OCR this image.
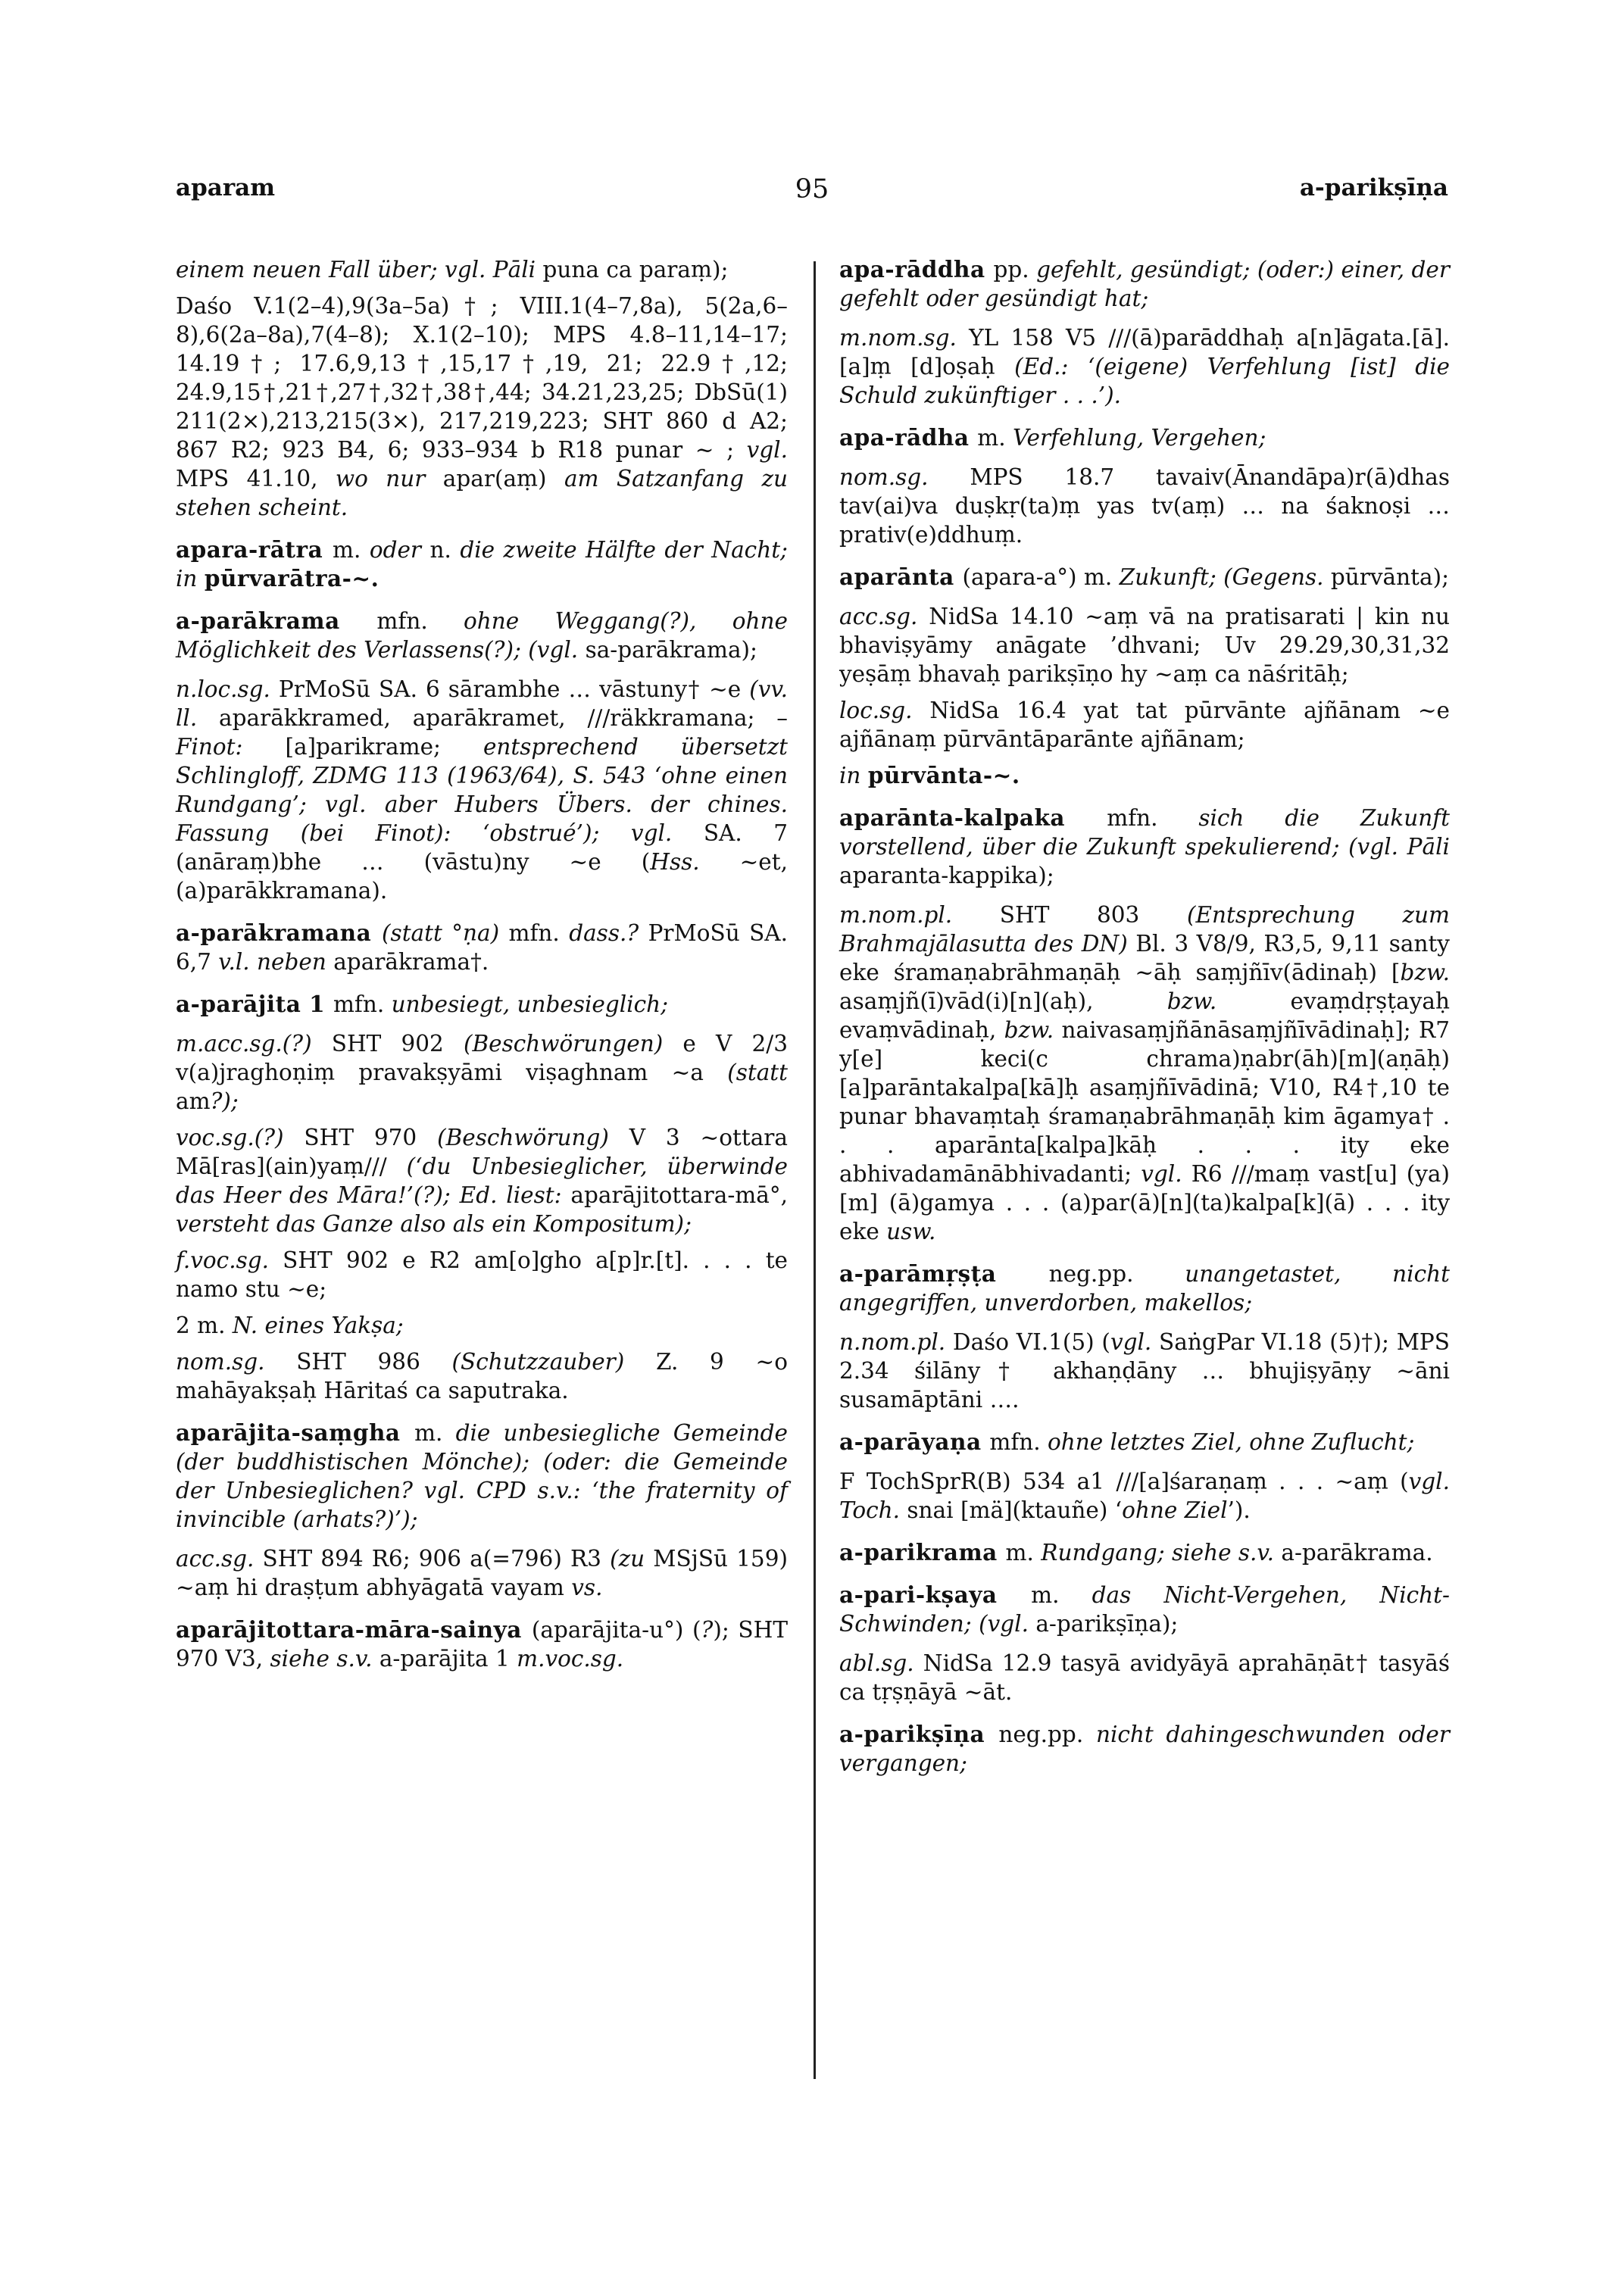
aparam	95	a-parikṣīṇa
einem neuen Fall über; vgl. Pāli puna ca paraṃ);
Daśo V.1(2–4),9(3a–5a)†; VIII.1(4–7,8a), 5(2a,6–8),6(2a–8a),7(4–8); X.1(2–10); MPS 4.8–11,14–17; 14.19†; 17.6,9,13†,15,17†,19, 21; 22.9†,12; 24.9,15†,21†,27†,32†,38†,44; 34.21,23,25; DbSū(1) 211(2×),213,215(3×), 217,219,223; SHT 860 d A2; 867 R2; 923 B4, 6; 933–934 b R18 punar ~ ; vgl. MPS 41.10, wo nur apar(aṃ) am Satzanfang zu stehen scheint.
apara-rātra m. oder n. die zweite Hälfte der Nacht; in pūrvarātra-~.
a-parākrama mfn. ohne Weggang(?), ohne Möglichkeit des Verlassens(?); (vgl. sa-parākrama);
n.loc.sg. PrMoSū SA. 6 sārambhe … vāstuny† ~e (vv. ll. aparākkramed, aparākramet, ///räkkramana; – Finot: [a]parikrame; entsprechend übersetzt Schlingloff, ZDMG 113 (1963/64), S. 543 ‘ohne einen Rundgang’; vgl. aber Hubers Übers. der chines. Fassung (bei Finot): ‘obstrué’); vgl. SA. 7 (anāraṃ)bhe … (vāstu)ny ~e (Hss. ~et, (a)parākkramana).
a-parākramana (statt °ṇa) mfn. dass.? PrMoSū SA. 6,7 v.l. neben aparākrama†.
a-parājita 1 mfn. unbesiegt, unbesieglich;
m.acc.sg.(?) SHT 902 (Beschwörungen) e V 2/3 v(a)jraghoṇiṃ pravakṣyāmi viṣaghnam ~a (statt am?);
voc.sg.(?) SHT 970 (Beschwörung) V 3 ~ottara Mā[ras](ain)yaṃ/// (‘du Unbesieglicher, überwinde das Heer des Māra!’(?); Ed. liest: aparājitottara-mā°, versteht das Ganze also als ein Kompositum);
f.voc.sg. SHT 902 e R2 am[o]gho a[p]r.[t]. . . . te namo stu ~e;
2 m. N. eines Yakṣa;
nom.sg. SHT 986 (Schutzzauber) Z. 9 ~o mahāyakṣaḥ Hāritaś ca saputraka.
aparājita-saṃgha m. die unbesiegliche Gemeinde (der buddhistischen Mönche); (oder: die Gemeinde der Unbesieglichen? vgl. CPD s.v.: ‘the fraternity of invincible (arhats?)’);
acc.sg. SHT 894 R6; 906 a(=796) R3 (zu MSjSū 159) ~aṃ hi draṣṭum abhyāgatā vayam vs.
aparājitottara-māra-sainya (aparājita-u°) (?); SHT 970 V3, siehe s.v. a-parājita 1 m.voc.sg.
apa-rāddha pp. gefehlt, gesündigt; (oder:) einer, der gefehlt oder gesündigt hat;
m.nom.sg. YL 158 V5 ///(ā)parāddhaḥ a[n]āgata.[ā].[a]ṃ [d]oṣaḥ (Ed.: ‘(eigene) Verfehlung [ist] die Schuld zukünftiger . . .’).
apa-rādha m. Verfehlung, Vergehen;
nom.sg. MPS 18.7 tavaiv(Ānandāpa)r(ā)dhas tav(ai)va duṣkṛ(ta)ṃ yas tv(aṃ) … na śaknoṣi … prativ(e)ddhuṃ.
aparānta (apara-a°) m. Zukunft; (Gegens. pūrvānta);
acc.sg. NidSa 14.10 ~aṃ vā na pratisarati | kin nu bhaviṣyāmy anāgate ’dhvani; Uv 29.29,30,31,32 yeṣāṃ bhavaḥ parikṣīṇo hy ~aṃ ca nāśritāḥ;
loc.sg. NidSa 16.4 yat tat pūrvānte ajñānam ~e ajñānaṃ pūrvāntāparānte ajñānam;
in pūrvānta-~.
aparānta-kalpaka mfn. sich die Zukunft vorstellend, über die Zukunft spekulierend; (vgl. Pāli aparanta-kappika);
m.nom.pl. SHT 803 (Entsprechung zum Brahmajālasutta des DN) Bl. 3 V8/9, R3,5, 9,11 santy eke śramaṇabrāhmaṇāḥ ~āḥ saṃjñīv(ādinaḥ) [bzw. asaṃjñ(ī)vād(i)[n](aḥ), bzw. evaṃdṛṣṭayaḥ evaṃvādinaḥ, bzw. naivasaṃjñānāsaṃjñīvādinaḥ]; R7 y[e] keci(c chrama)ṇabr(āh)[m](aṇāḥ) [a]parāntakalpa[kā]ḥ asaṃjñīvādinā; V10, R4†,10 te punar bhavaṃtaḥ śramaṇabrāhmaṇāḥ kim āgamya† . . . aparānta[kalpa]kāḥ . . . ity eke abhivadamānābhivadanti; vgl. R6 ///maṃ vast[u] (ya)[m] (ā)gamya . . . (a)par(ā)[n](ta)kalpa[k](ā) . . . ity eke usw.
a-parāmṛṣṭa neg.pp. unangetastet, nicht angegriffen, unverdorben, makellos;
n.nom.pl. Daśo VI.1(5) (vgl. SaṅgPar VI.18 (5)†); MPS 2.34 śilāny† akhaṇḍāny … bhujiṣyāṇy ~āni susamāptāni ….
a-parāyaṇa mfn. ohne letztes Ziel, ohne Zuflucht;
F TochSprR(B) 534 a1 ///[a]śaraṇaṃ . . . ~aṃ (vgl. Toch. snai [mä](ktauñe) ‘ohne Ziel’).
a-parikrama m. Rundgang; siehe s.v. a-parākrama.
a-pari-kṣaya m. das Nicht-Vergehen, Nicht-Schwinden; (vgl. a-parikṣīṇa);
abl.sg. NidSa 12.9 tasyā avidyāyā aprahāṇāt† tasyāś ca tṛṣṇāyā ~āt.
a-parikṣīṇa neg.pp. nicht dahingeschwunden oder vergangen;
